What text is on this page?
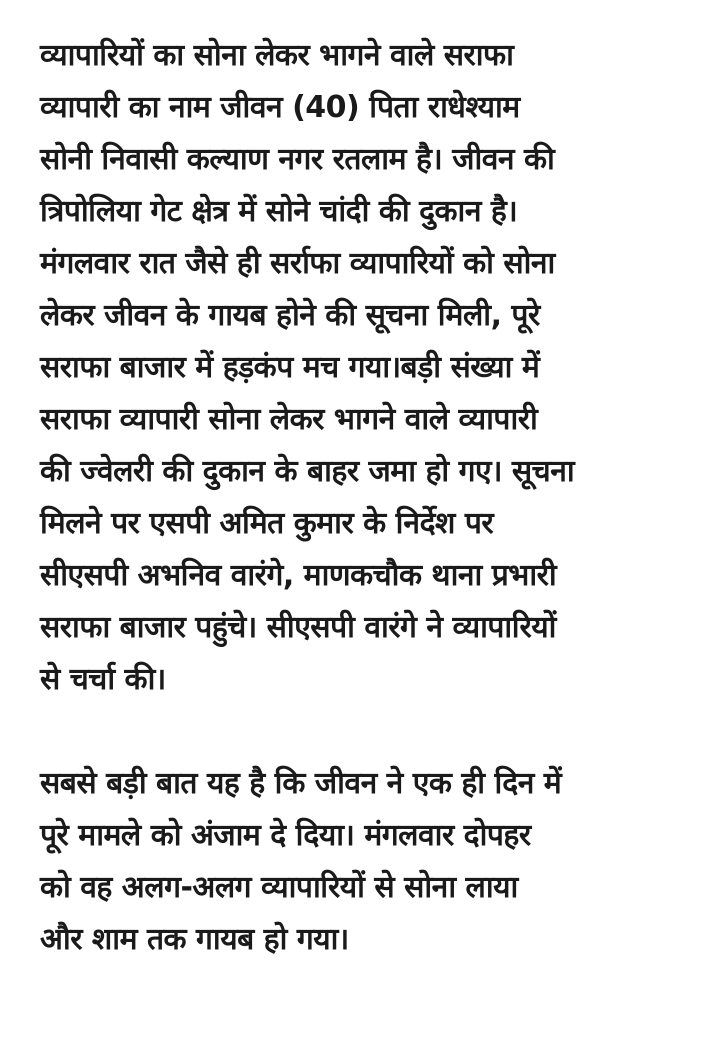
व्यापारियों का सोना लेकर भागने वाले सराफा
व्यापारी का नाम जीवन (40) पिता राधेश्याम
सोनी निवासी कल्याण नगर रतलाम है। जीवन की
त्रिपोलिया गेट क्षेत्र में सोने चांदी की दुकान है।
मंगलवार रात जैसे ही सर्राफा व्यापारियों को सोना
लेकर जीवन के गायब होने की सूचना मिली, पूरे
सराफा बाजार में हड़कंप मच गया।बड़ी संख्या में
सराफा व्यापारी सोना लेकर भागने वाले व्यापारी
की ज्वेलरी की दुकान के बाहर जमा हो गए। सूचना
मिलने पर एसपी अमित कुमार के निर्देश पर
सीएसपी अभनिव वारंगे, माणकचौक थाना प्रभारी
सराफा बाजार पहुंचे। सीएसपी वारंगे ने व्यापारियों
से चर्चा की।

सबसे बड़ी बात यह है कि जीवन ने एक ही दिन में
पूरे मामले को अंजाम दे दिया। मंगलवार दोपहर
को वह अलग-अलग व्यापारियों से सोना लाया
और शाम तक गायब हो गया।
